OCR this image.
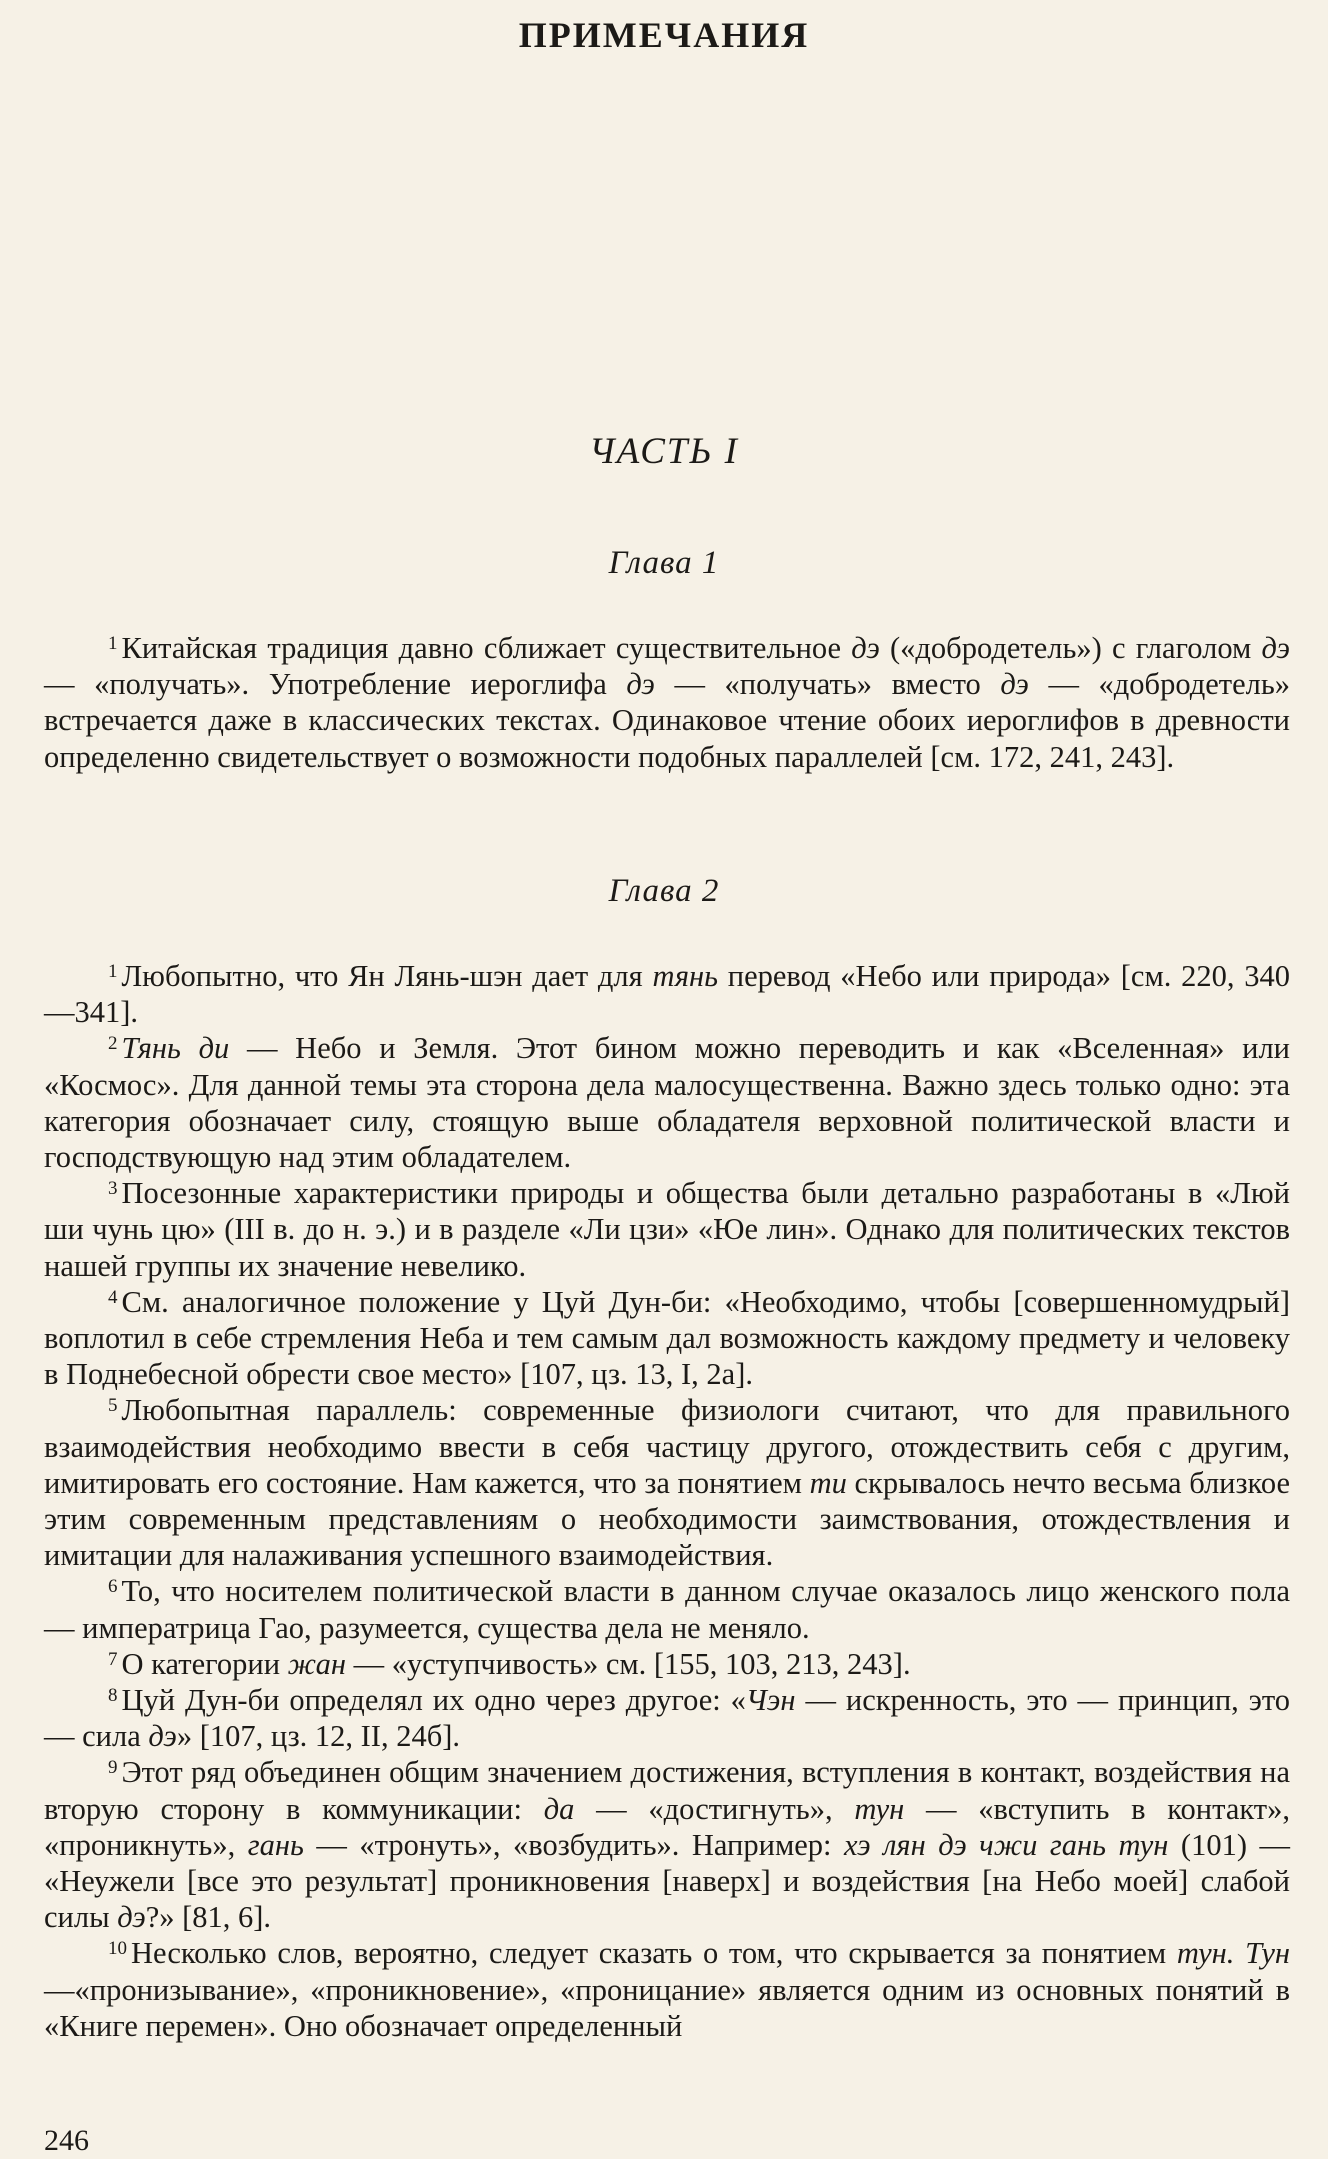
ПРИМЕЧАНИЯ
ЧАСТЬ I
Глава 1

$^1$ Китайская традиция давно сближает существительное дэ («добродетель») с глаголом дэ — «получать». Употребление иероглифа дэ — «получать» вместо дэ — «добродетель» встречается даже в классических текстах. Одинаковое чтение обоих иероглифов в древности определенно свидетельствует о возможности подобных параллелей [см. 172, 241, 243].

Глава 2

$^1$ Любопытно, что Ян Лянь-шэн дает для тянь перевод «Небо или природа» [см. 220, 340—341].

$^2$ Тянь ди — Небо и Земля. Этот бином можно переводить и как «Вселенная» или «Космос». Для данной темы эта сторона дела малосущественна. Важно здесь только одно: эта категория обозначает силу, стоящую выше обладателя верховной политической власти и господствующую над этим обладателем.

$^3$ Посезонные характеристики природы и общества были детально разработаны в «Люй ши чунь цю» (III в. до н. э.) и в разделе «Ли цзи» «Юе лин». Однако для политических текстов нашей группы их значение невелико.

$^4$ См. аналогичное положение у Цуй Дун-би: «Необходимо, чтобы [совершенномудрый] воплотил в себе стремления Неба и тем самым дал возможность каждому предмету и человеку в Поднебесной обрести свое место» [107, цз. 13, I, 2а].

$^5$ Любопытная параллель: современные физиологи считают, что для правильного взаимодействия необходимо ввести в себя частицу другого, отождествить себя с другим, имитировать его состояние. Нам кажется, что за понятием ти скрывалось нечто весьма близкое этим современным представлениям о необходимости заимствования, отождествления и имитации для налаживания успешного взаимодействия.

$^6$ То, что носителем политической власти в данном случае оказалось лицо женского пола — императрица Гао, разумеется, существа дела не меняло.

$^7$ О категории жан — «уступчивость» см. [155, 103, 213, 243].

$^8$ Цуй Дун-би определял их одно через другое: «Чэн — искренность, это — принцип, это — сила дэ» [107, цз. 12, II, 24б].

$^9$ Этот ряд объединен общим значением достижения, вступления в контакт, воздействия на вторую сторону в коммуникации: да — «достигнуть», тун — «вступить в контакт», «проникнуть», гань — «тронуть», «возбудить». Например: хэ лян дэ чжи гань тун (101) — «Неужели [все это результат] проникновения [наверх] и воздействия [на Небо моей] слабой силы дэ?» [81, 6].

$^{10}$ Несколько слов, вероятно, следует сказать о том, что скрывается за понятием тун. Тун—«пронизывание», «проникновение», «проницание» является одним из основных понятий в «Книге перемен». Оно обозначает определенный

246
